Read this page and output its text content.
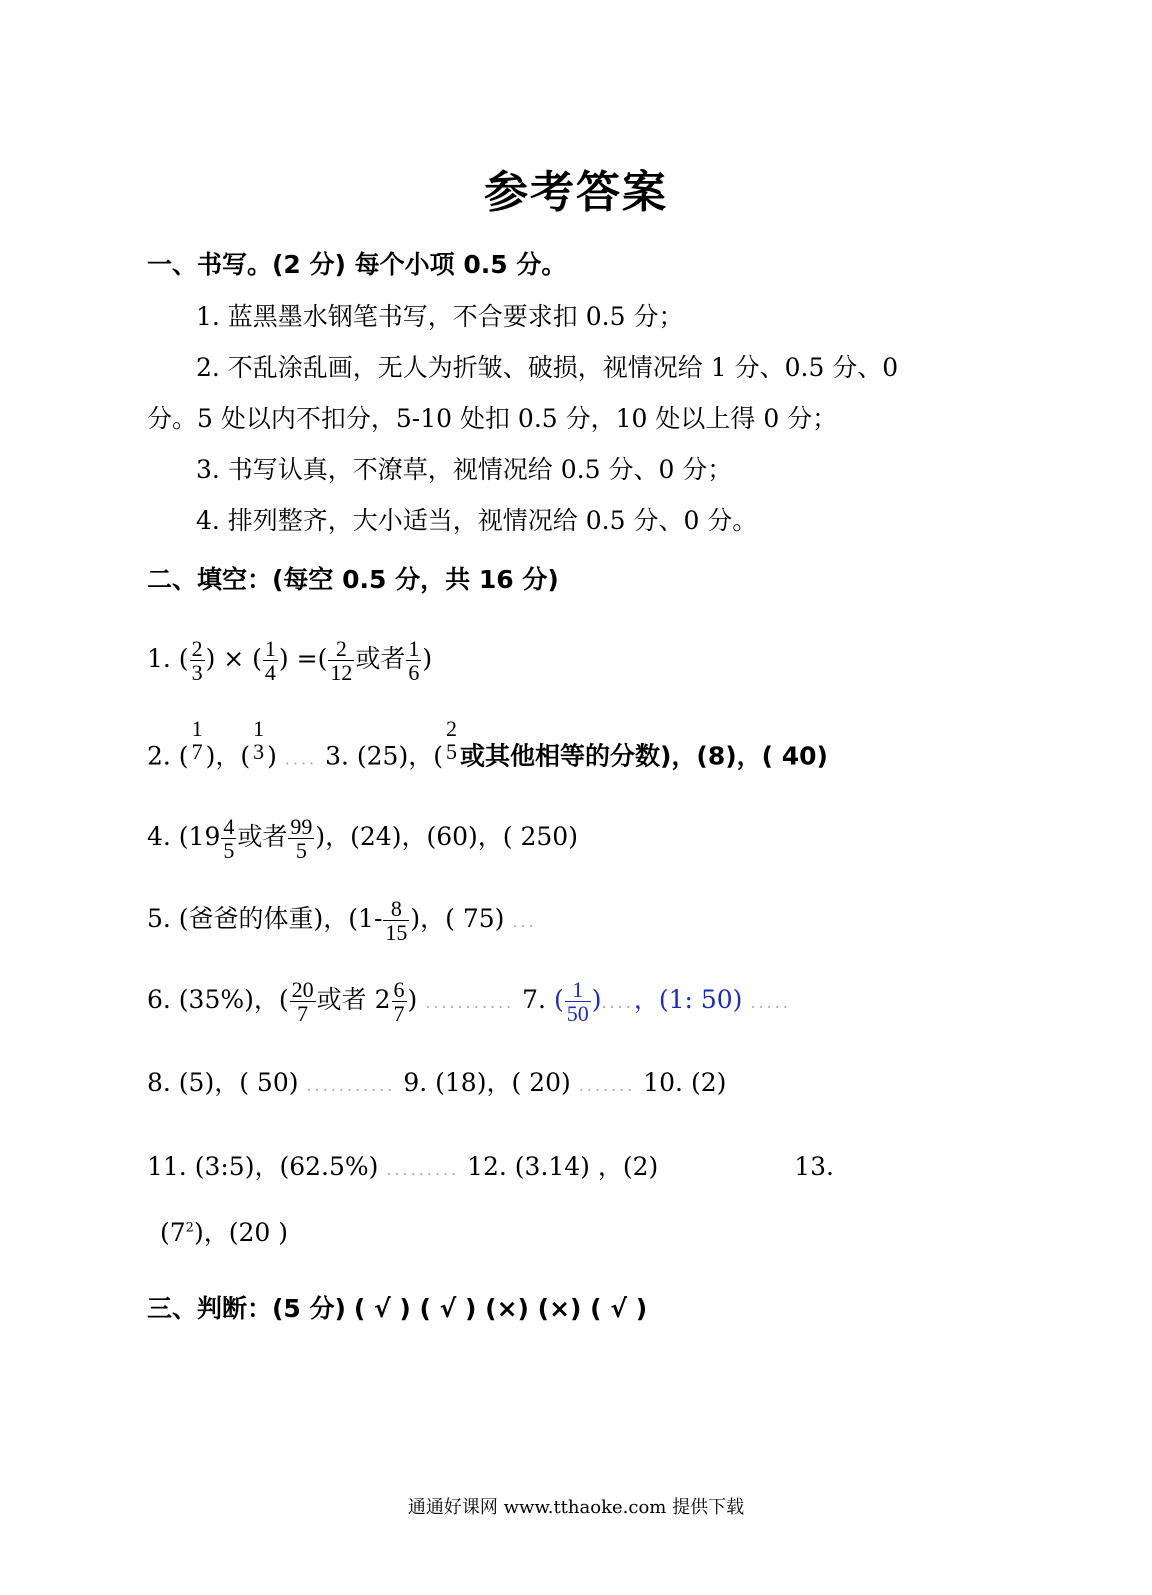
参考答案
一、书写。(2 分) 每个小项 0.5 分。
1. 蓝黑墨水钢笔书写，不合要求扣 0.5 分；
2. 不乱涂乱画，无人为折皱、破损，视情况给 1 分、0.5 分、0
分。5 处以内不扣分，5-10 处扣 0.5 分，10 处以上得 0 分；
3. 书写认真，不潦草，视情况给 0.5 分、0 分；
4. 排列整齐，大小适当，视情况给 0.5 分、0 分。
二、填空：(每空 0.5 分，共 16 分)
1. ( $\frac{2}{3}$ ) × ( $\frac{1}{4}$ ) =( $\frac{2}{12}$ 或者 $\frac{1}{6}$ )
2. (
1
7 )，(
1
3 ) .... 3. (25)，(
2
5 或其他相等的分数)，(8)，( 40)
4. ($19 \frac{4}{5}$ 或者 $\frac{99}{5}$ )，(24)，(60)，( 250)
5. (爸爸的体重)，($1- \frac{8}{15}$ )，( 75) ...
6. (35%)，( $\frac{20}{7}$ 或者 $2 \frac{6}{7}$ ) ........... 7. ( $\frac{1}{50}$ )....，(1: 50) .....
8. (5)，( 50) ........... 9. (18)，( 20) ....... 10. (2)
11. (3:5)，(62.5%) ......... 12. (3.14) ，(2)	13.
$(7^2)$，(20 )
三、判断：(5 分) ( √ ) ( √ ) (×) (×) ( √ )
通通好课网 www.tthaoke.com 提供下载
